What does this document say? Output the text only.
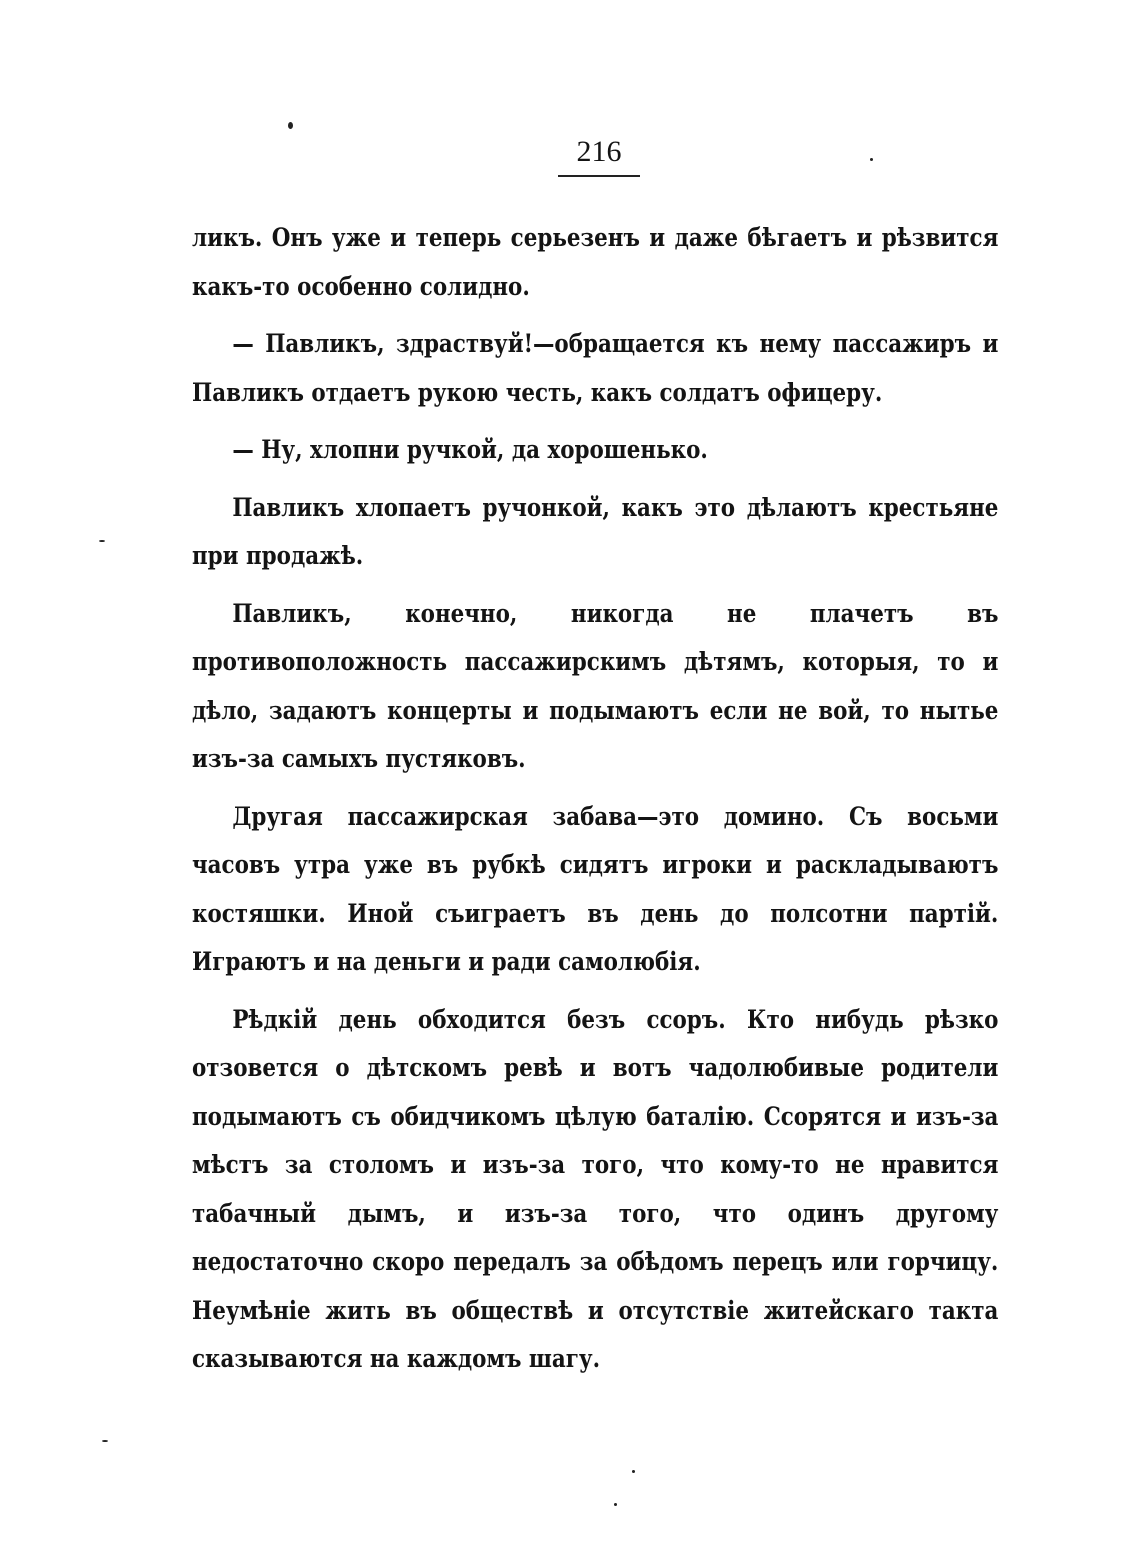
216

ликъ. Онъ уже и теперь серьезенъ и даже бѣгаетъ и рѣзвится какъ-то особенно солидно.

— Павликъ, здраствуй!—обращается къ нему пассажиръ и Павликъ отдаетъ рукою честь, какъ солдатъ офицеру.

— Ну, хлопни ручкой, да хорошенько.

Павликъ хлопаетъ ручонкой, какъ это дѣлаютъ крестьяне при продажѣ.

Павликъ, конечно, никогда не плачетъ въ противоположность пассажирскимъ дѣтямъ, которыя, то и дѣло, задаютъ концерты и подымаютъ если не вой, то нытье изъ-за самыхъ пустяковъ.

Другая пассажирская забава—это домино. Съ восьми часовъ утра уже въ рубкѣ сидятъ игроки и раскладываютъ костяшки. Иной съиграетъ въ день до полсотни партій. Играютъ и на деньги и ради самолюбія.

Рѣдкій день обходится безъ ссоръ. Кто нибудь рѣзко отзовется о дѣтскомъ ревѣ и вотъ чадолюбивые родители подымаютъ съ обидчикомъ цѣлую баталію. Ссорятся и изъ-за мѣстъ за столомъ и изъ-за того, что кому-то не нравится табачный дымъ, и изъ-за того, что одинъ другому недостаточно скоро передалъ за обѣдомъ перецъ или горчицу. Неумѣніе жить въ обществѣ и отсутствіе житейскаго такта сказываются на каждомъ шагу.
